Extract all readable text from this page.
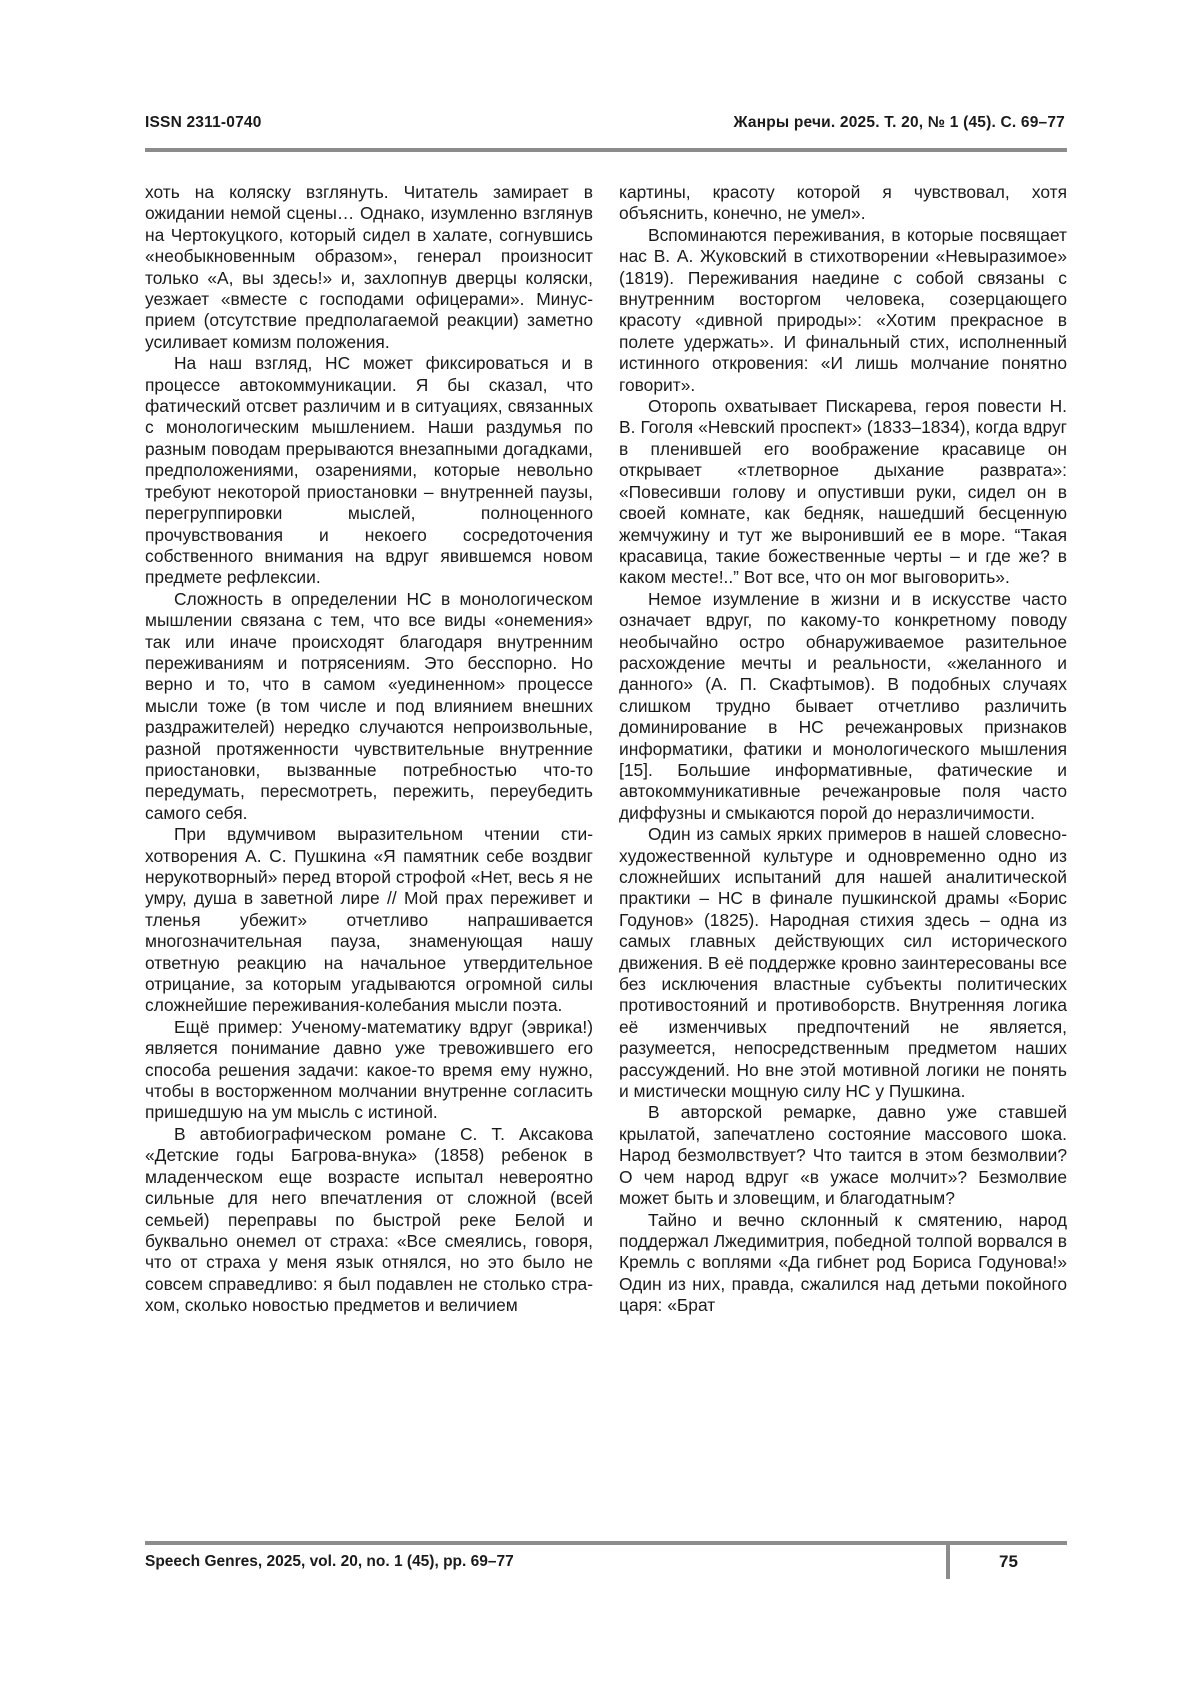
ISSN 2311-0740	Жанры речи. 2025. Т. 20, № 1 (45). С. 69–77

хоть на коляску взглянуть. Читатель замирает в ожидании немой сцены… Однако, изумленно взглянув на Чертокуцкого, который сидел в халате, согнувшись «необыкновенным образом», генерал произносит только «А, вы здесь!» и, захлопнув дверцы коляски, уезжает «вместе с господами офицерами». Минус-прием (отсутствие предполагаемой реакции) заметно усиливает комизм положения.

На наш взгляд, НС может фиксироваться и в процессе автокоммуникации. Я бы сказал, что фатический отсвет различим и в ситуациях, связанных с монологическим мышлением. Наши раздумья по разным поводам прерываются внезапными догадками, предположениями, озарениями, которые невольно требуют некоторой приостановки – внутренней паузы, перегруппировки мыслей, полноценного прочувствования и некоего сосредоточения собственного внимания на вдруг явившемся новом предмете рефлексии.

Сложность в определении НС в монологическом мышлении связана с тем, что все виды «онемения» так или иначе происходят благодаря внутренним переживаниям и потрясениям. Это бесспорно. Но верно и то, что в самом «уединенном» процессе мысли тоже (в том числе и под влиянием внешних раздражителей) нередко случаются непроизвольные, разной протяженности чувствительные внутренние приостановки, вызванные потребностью что-то передумать, пересмотреть, пережить, переубедить самого себя.

При вдумчивом выразительном чтении стихотворения А. С. Пушкина «Я памятник себе воздвиг нерукотворный» перед второй строфой «Нет, весь я не умру, душа в заветной лире // Мой прах переживет и тленья убежит» отчетливо напрашивается многозначительная пауза, знаменующая нашу ответную реакцию на начальное утвердительное отрицание, за которым угадываются огромной силы сложнейшие переживания-колебания мысли поэта.

Ещё пример: Ученому-математику вдруг (эврика!) является понимание давно уже тревожившего его способа решения задачи: какое-то время ему нужно, чтобы в восторженном молчании внутренне согласить пришедшую на ум мысль с истиной.

В автобиографическом романе С. Т. Аксакова «Детские годы Багрова-внука» (1858) ребенок в младенческом еще возрасте испытал невероятно сильные для него впечатления от сложной (всей семьей) переправы по быстрой реке Белой и буквально онемел от страха: «Все смеялись, говоря, что от страха у меня язык отнялся, но это было не совсем справедливо: я был подавлен не столько страхом, сколько новостью предметов и величием

картины, красоту которой я чувствовал, хотя объяснить, конечно, не умел».

Вспоминаются переживания, в которые посвящает нас В. А. Жуковский в стихотворении «Невыразимое» (1819). Переживания наедине с собой связаны с внутренним восторгом человека, созерцающего красоту «дивной природы»: «Хотим прекрасное в полете удержать». И финальный стих, исполненный истинного откровения: «И лишь молчание понятно говорит».

Оторопь охватывает Пискарева, героя повести Н. В. Гоголя «Невский проспект» (1833–1834), когда вдруг в пленившей его воображение красавице он открывает «тлетворное дыхание разврата»: «Повесивши голову и опустивши руки, сидел он в своей комнате, как бедняк, нашедший бесценную жемчужину и тут же выронивший ее в море. “Такая красавица, такие божественные черты – и где же? в каком месте!..” Вот все, что он мог выговорить».

Немое изумление в жизни и в искусстве часто означает вдруг, по какому-то конкретному поводу необычайно остро обнаруживаемое разительное расхождение мечты и реальности, «желанного и данного» (А. П. Скафтымов). В подобных случаях слишком трудно бывает отчетливо различить доминирование в НС речежанровых признаков информатики, фатики и монологического мышления [15]. Большие информативные, фатические и автокоммуникативные речежанровые поля часто диффузны и смыкаются порой до неразличимости.

Один из самых ярких примеров в нашей словесно-художественной культуре и одновременно одно из сложнейших испытаний для нашей аналитической практики – НС в финале пушкинской драмы «Борис Годунов» (1825). Народная стихия здесь – одна из самых главных действующих сил исторического движения. В её поддержке кровно заинтересованы все без исключения властные субъекты политических противостояний и противоборств. Внутренняя логика её изменчивых предпочтений не является, разумеется, непосредственным предметом наших рассуждений. Но вне этой мотивной логики не понять и мистически мощную силу НС у Пушкина.

В авторской ремарке, давно уже ставшей крылатой, запечатлено состояние массового шока. Народ безмолвствует? Что таится в этом безмолвии? О чем народ вдруг «в ужасе молчит»? Безмолвие может быть и зловещим, и благодатным?

Тайно и вечно склонный к смятению, народ поддержал Лжедимитрия, победной толпой ворвался в Кремль с воплями «Да гибнет род Бориса Годунова!» Один из них, правда, сжалился над детьми покойного царя: «Брат

Speech Genres, 2025, vol. 20, no. 1 (45), pp. 69–77	75
